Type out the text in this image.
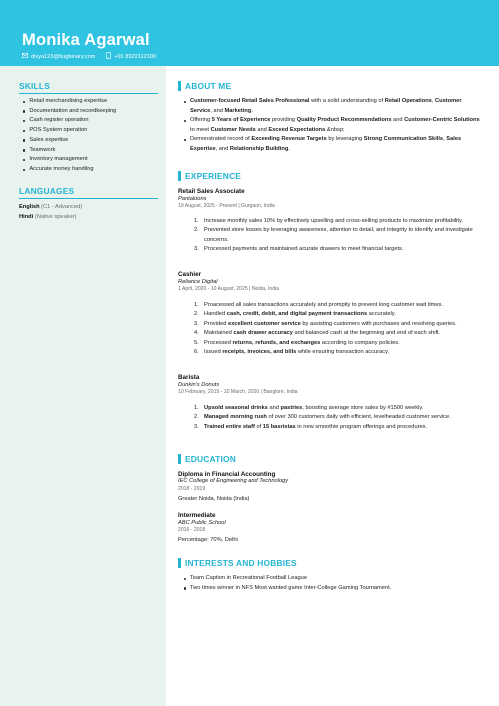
Monika Agarwal
divya123@bugbinary.com	+91 8922112100
SKILLS
Retail merchandising expertise
Documentation and recordkeeping
Cash register operation
POS System operation
Sales expertise
Teamwork
Inventory management
Accurate money handling
LANGUAGES
English (C1 - Advanced)
Hindi (Native speaker)
ABOUT ME
Customer-focused Retail Sales Professional with a solid understanding of Retail Operations, Customer Service, and Marketing.
Offering 5 Years of Experience providing Quality Product Recommendations and Customer-Centric Solutions to meet Customer Needs and Exceed Expectations.&nbsp;
Demonstrated record of Exceeding Revenue Targets by leveraging Strong Communication Skills, Sales Expertise, and Relationship Building.
EXPERIENCE
Retail Sales Associate
Pantaloons
19 August, 2025 - Present | Gurgaon, India
1. Increase monthly sales 10% by effectively upselling and cross-selling products to maximize profitability.
2. Prevented store losses by leveraging awareness, attention to detail, and integrity to identify and investigate concerns.
3. Processed payments and maintained acurate drawers to meet financial targets.
Cashier
Reliance Digital
1 April, 2020 - 10 August, 2025 | Noida, India
1. Proacessed all sales transactions accurately and promptly to prevent long customer wait times.
2. Handled cash, credit, debit, and digital payment transactions accurately.
3. Provided excellent customer service by assisting customers with purchases and resolving queries.
4. Maintained cash drawer accuracy and balanced cash at the beginning and end of each shift.
5. Processed returns, refunds, and exchanges according to company policies.
6. Issued receipts, invoices, and bills while ensuring transaction accuracy.
Barista
Dunkin's Donuts
10 February, 2019 - 10 March, 2020 | Banglore, India
1. Upsold seasonal drinks and pastries, boosting average store sales by #1500 weekly.
2. Managed morning rush of over 300 customers daily with efficient, levelheaded customer service.
3. Trained entire staff of 15 basristas in new smoothie program offerings and procedures.
EDUCATION
Diploma in Financial Accounting
IEC College of Engineering and Technology
2018 - 2019
Greater Noida, Noida (India)
Intermediate
ABC Public School
2016 - 2018
Percentage: 70%, Delhi
INTERESTS AND HOBBIES
Team Caption in Recreational Football League
Two times winner in NFS Most wanted game Inter-College Gaming Tournament.
